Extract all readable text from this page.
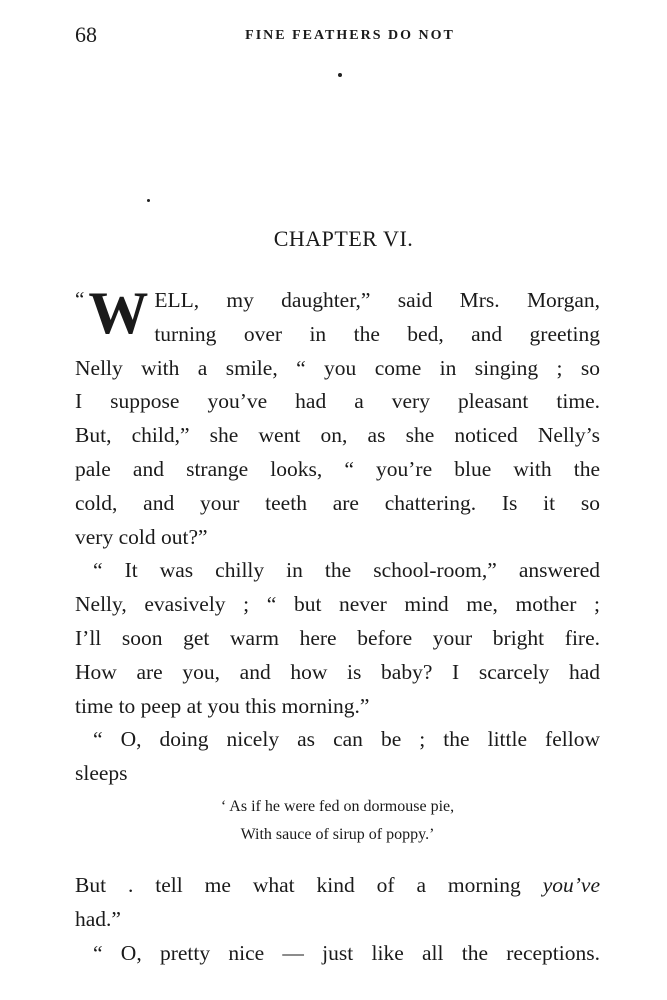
68	FINE FEATHERS DO NOT
CHAPTER VI.

“ W ELL, my daughter,” said Mrs. Morgan,
turning over in the bed, and greeting
Nelly with a smile, “ you come in singing ; so
I suppose you’ve had a very pleasant time.
But, child,” she went on, as she noticed Nelly’s
pale and strange looks, “ you’re blue with the
cold, and your teeth are chattering. Is it so
very cold out?”

“ It was chilly in the school-room,” answered
Nelly, evasively ; “ but never mind me, mother ;
I’ll soon get warm here before your bright fire.
How are you, and how is baby? I scarcely had
time to peep at you this morning.”

“ O, doing nicely as can be ; the little fellow
sleeps

‘ As if he were fed on dormouse pie,
With sauce of sirup of poppy.’

But . tell me what kind of a morning you’ve
had.”

“ O, pretty nice — just like all the receptions.
